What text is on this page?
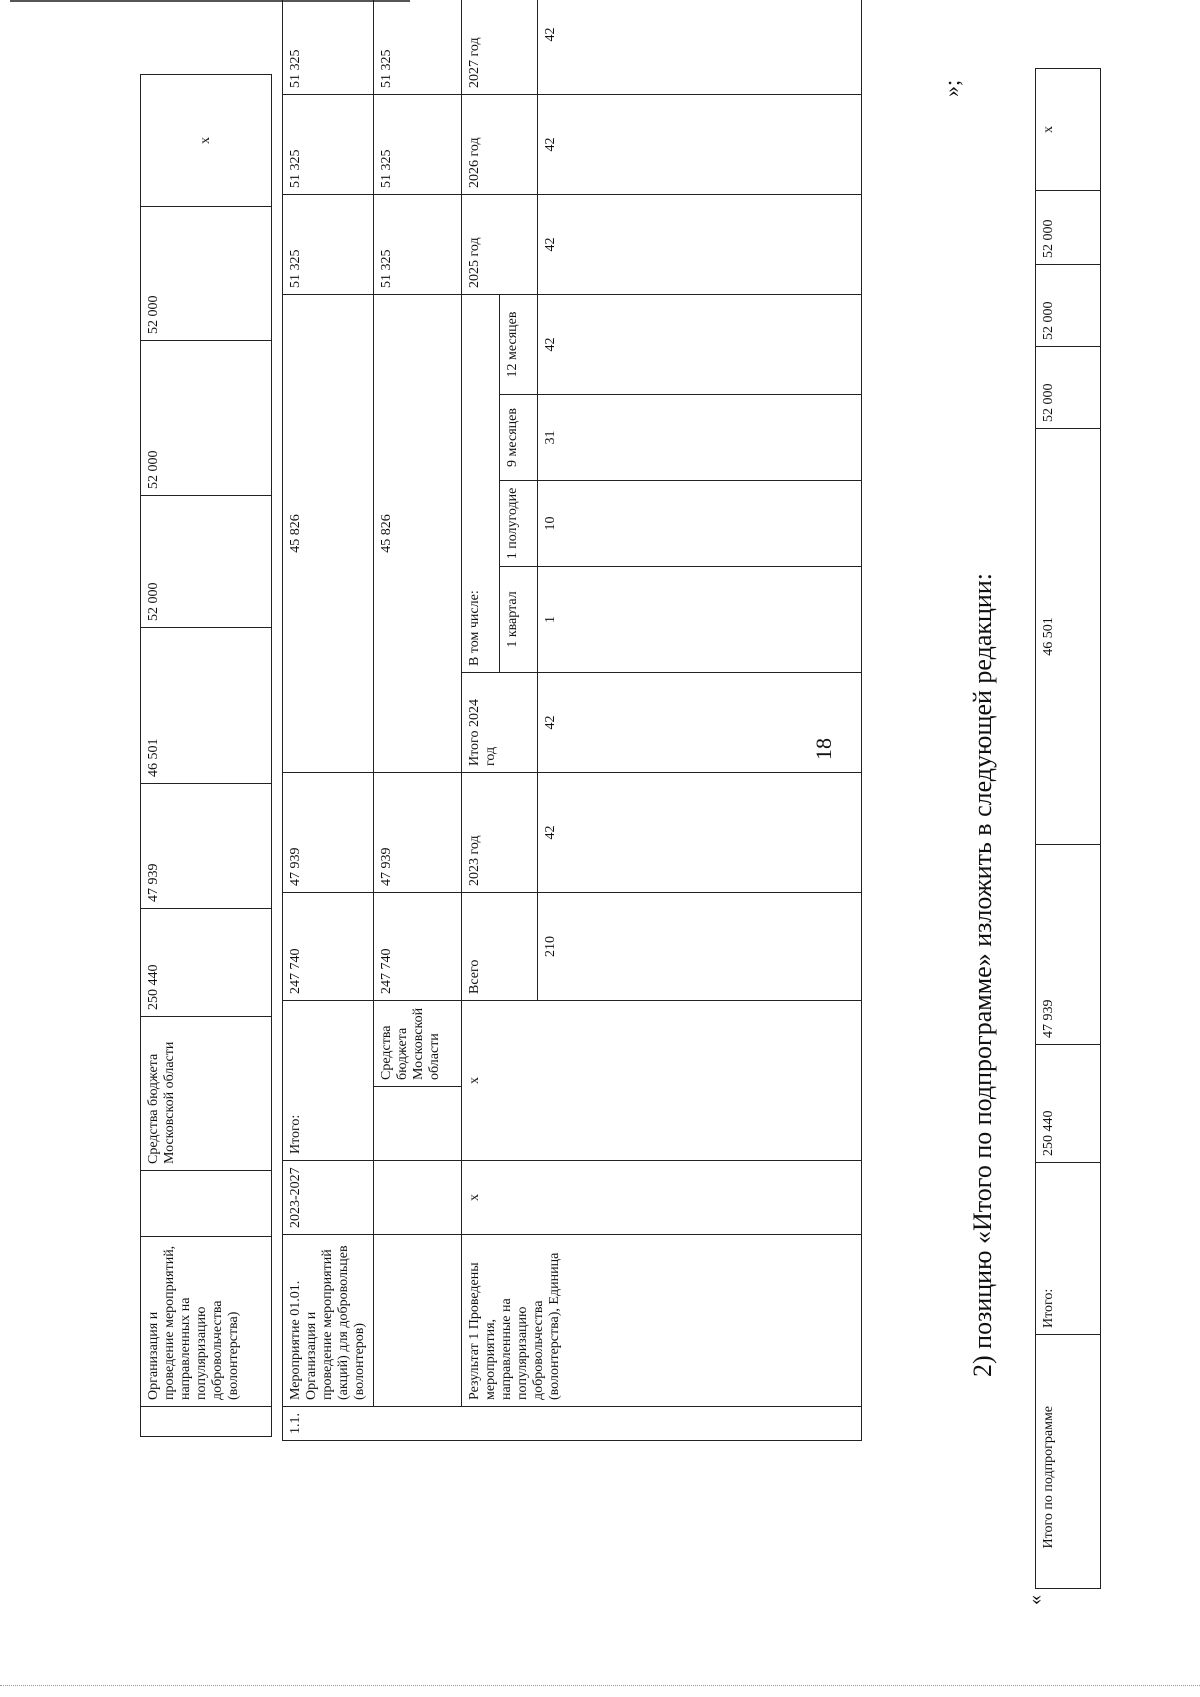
18
	Организация и проведение мероприятий, направленных на популяризацию добровольчества (волонтерства)		Средства бюджета Московской области	250 440	47 939	46 501	52 000	52 000	52 000	x
1.1.	Мероприятие 01.01. Организация и проведение мероприятий (акций) для добровольцев (волонтеров)	2023-2027	Итого:		247 740	47 939	45 826					51 325	51 325	51 325	
				Средства бюджета Московской области	247 740	47 939	45 826					51 325	51 325	51 325	
	Результат 1 Проведены мероприятия, направленные на популяризацию добровольчества (волонтерства), Единица	x	x		Всего	2023 год	Итого 2024 год	В том числе:				2025 год	2026 год	2027 год	
								1 квартал	1 полугодие	9 месяцев	12 месяцев				
					210	42	42	1	10	31	42	42	42	42	
»;
2) позицию «Итого по подпрограмме» изложить в следующей редакции:
«
	Итого по подпрограмме	Итого:	250 440	47 939	46 501	52 000	52 000	52 000	x
